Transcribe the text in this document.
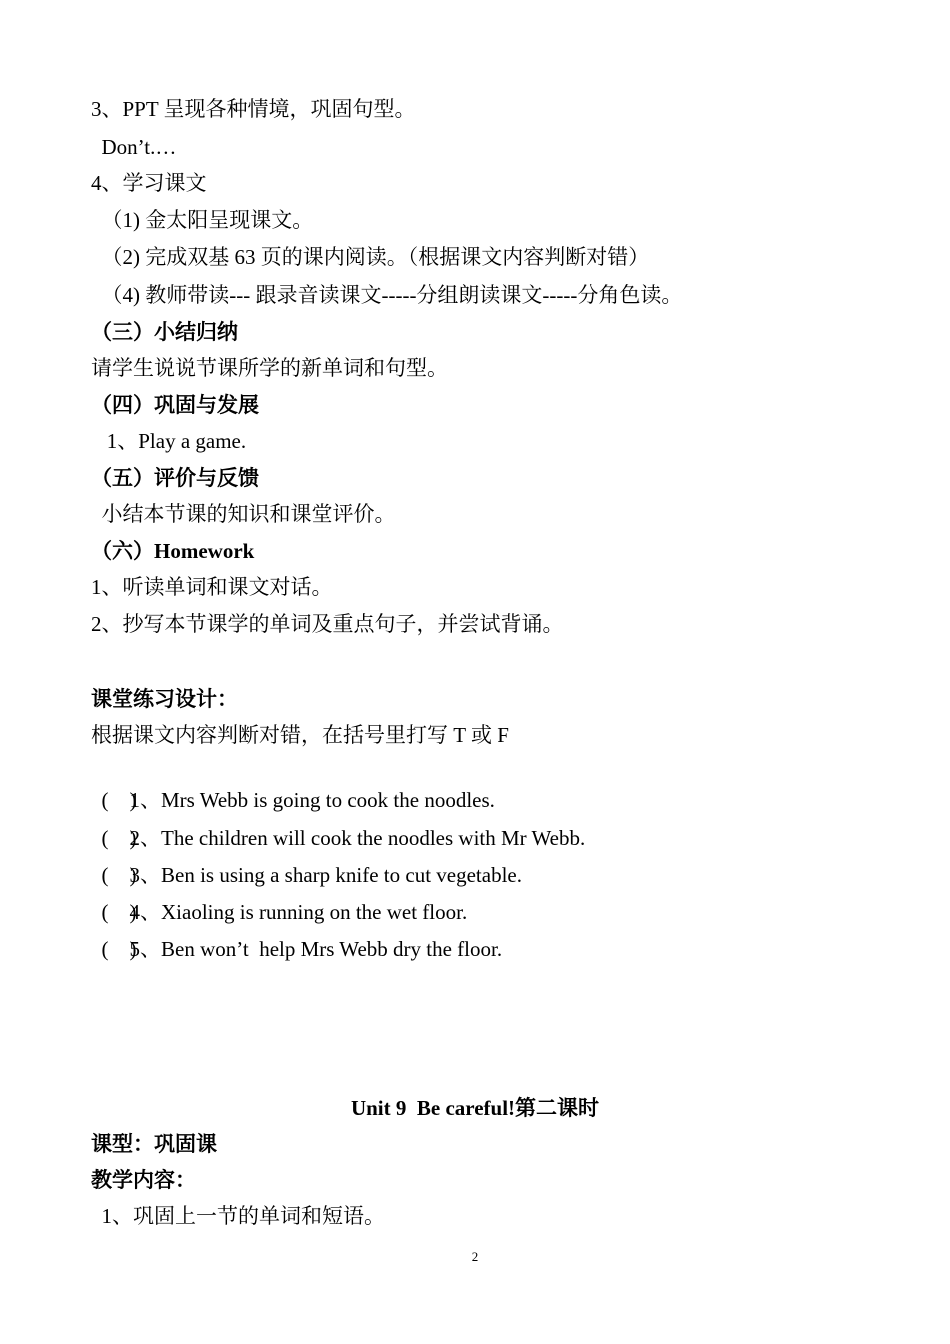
3、PPT 呈现各种情境，巩固句型。
Don’t.…
4、学习课文
（1) 金太阳呈现课文。
（2) 完成双基 63 页的课内阅读。（根据课文内容判断对错）
（4) 教师带读--- 跟录音读课文-----分组朗读课文-----分角色读。
（三）小结归纳
请学生说说节课所学的新单词和句型。
（四）巩固与发展
1、Play a game.
（五）评价与反馈
小结本节课的知识和课堂评价。
（六）Homework
1、听读单词和课文对话。
2、抄写本节课学的单词及重点句子，并尝试背诵。
课堂练习设计：
根据课文内容判断对错，在括号里打写 T 或 F

(    )1、Mrs Webb is going to cook the noodles.

(    )2、The children will cook the noodles with Mr Webb.

(    )3、Ben is using a sharp knife to cut vegetable.

(    )4、Xiaoling is running on the wet floor.

(    )5、Ben won’t  help Mrs Webb dry the floor.

Unit 9  Be careful!第二课时
课型：巩固课
教学内容：
1、巩固上一节的单词和短语。
2
